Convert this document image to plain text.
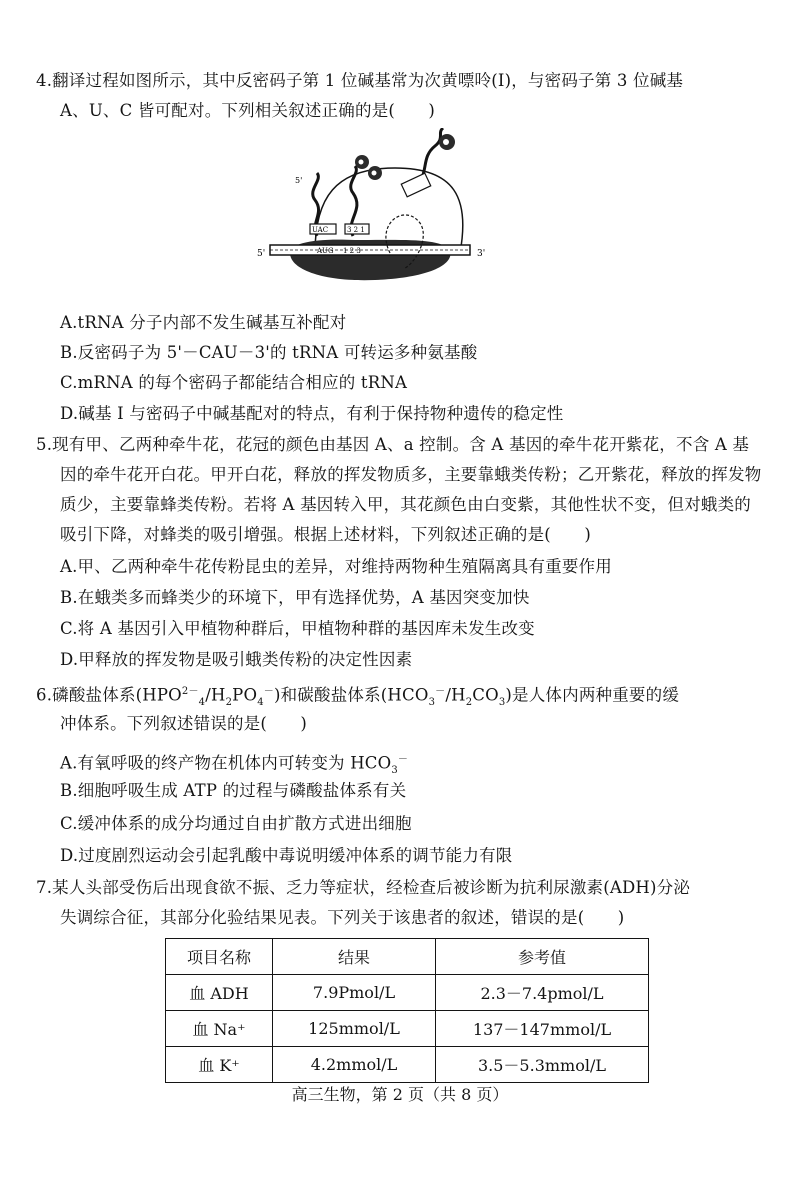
4.翻译过程如图所示，其中反密码子第 1 位碱基常为次黄嘌呤(I)，与密码子第 3 位碱基
A、U、C 皆可配对。下列相关叙述正确的是(　　)
5'	3'
AUG 1 2 3
UAC
5'
3 2 1
A.tRNA 分子内部不发生碱基互补配对
B.反密码子为 5'－CAU－3'的 tRNA 可转运多种氨基酸
C.mRNA 的每个密码子都能结合相应的 tRNA
D.碱基 I 与密码子中碱基配对的特点，有利于保持物种遗传的稳定性
5.现有甲、乙两种牵牛花，花冠的颜色由基因 A、a 控制。含 A 基因的牵牛花开紫花，不含 A 基
因的牵牛花开白花。甲开白花，释放的挥发物质多，主要靠蛾类传粉；乙开紫花，释放的挥发物
质少，主要靠蜂类传粉。若将 A 基因转入甲，其花颜色由白变紫，其他性状不变，但对蛾类的
吸引下降，对蜂类的吸引增强。根据上述材料，下列叙述正确的是(　　)
A.甲、乙两种牵牛花传粉昆虫的差异，对维持两物种生殖隔离具有重要作用
B.在蛾类多而蜂类少的环境下，甲有选择优势，A 基因突变加快
C.将 A 基因引入甲植物种群后，甲植物种群的基因库未发生改变
D.甲释放的挥发物是吸引蛾类传粉的决定性因素
6.磷酸盐体系$(HPO^{2-}_4/H_2PO_4^-)$和碳酸盐体系$(HCO_3^-/H_2CO_3)$是人体内两种重要的缓
冲体系。下列叙述错误的是(　　)
A.有氧呼吸的终产物在机体内可转变为 $HCO_3^-$
B.细胞呼吸生成 ATP 的过程与磷酸盐体系有关
C.缓冲体系的成分均通过自由扩散方式进出细胞
D.过度剧烈运动会引起乳酸中毒说明缓冲体系的调节能力有限
7.某人头部受伤后出现食欲不振、乏力等症状，经检查后被诊断为抗利尿激素(ADH)分泌
失调综合征，其部分化验结果见表。下列关于该患者的叙述，错误的是(　　)
项目名称	结果	参考值
血 ADH	7.9Pmol/L	2.3－7.4pmol/L
血 Na⁺	125mmol/L	137－147mmol/L
血 K⁺	4.2mmol/L	3.5－5.3mmol/L
高三生物，第 2 页（共 8 页）
